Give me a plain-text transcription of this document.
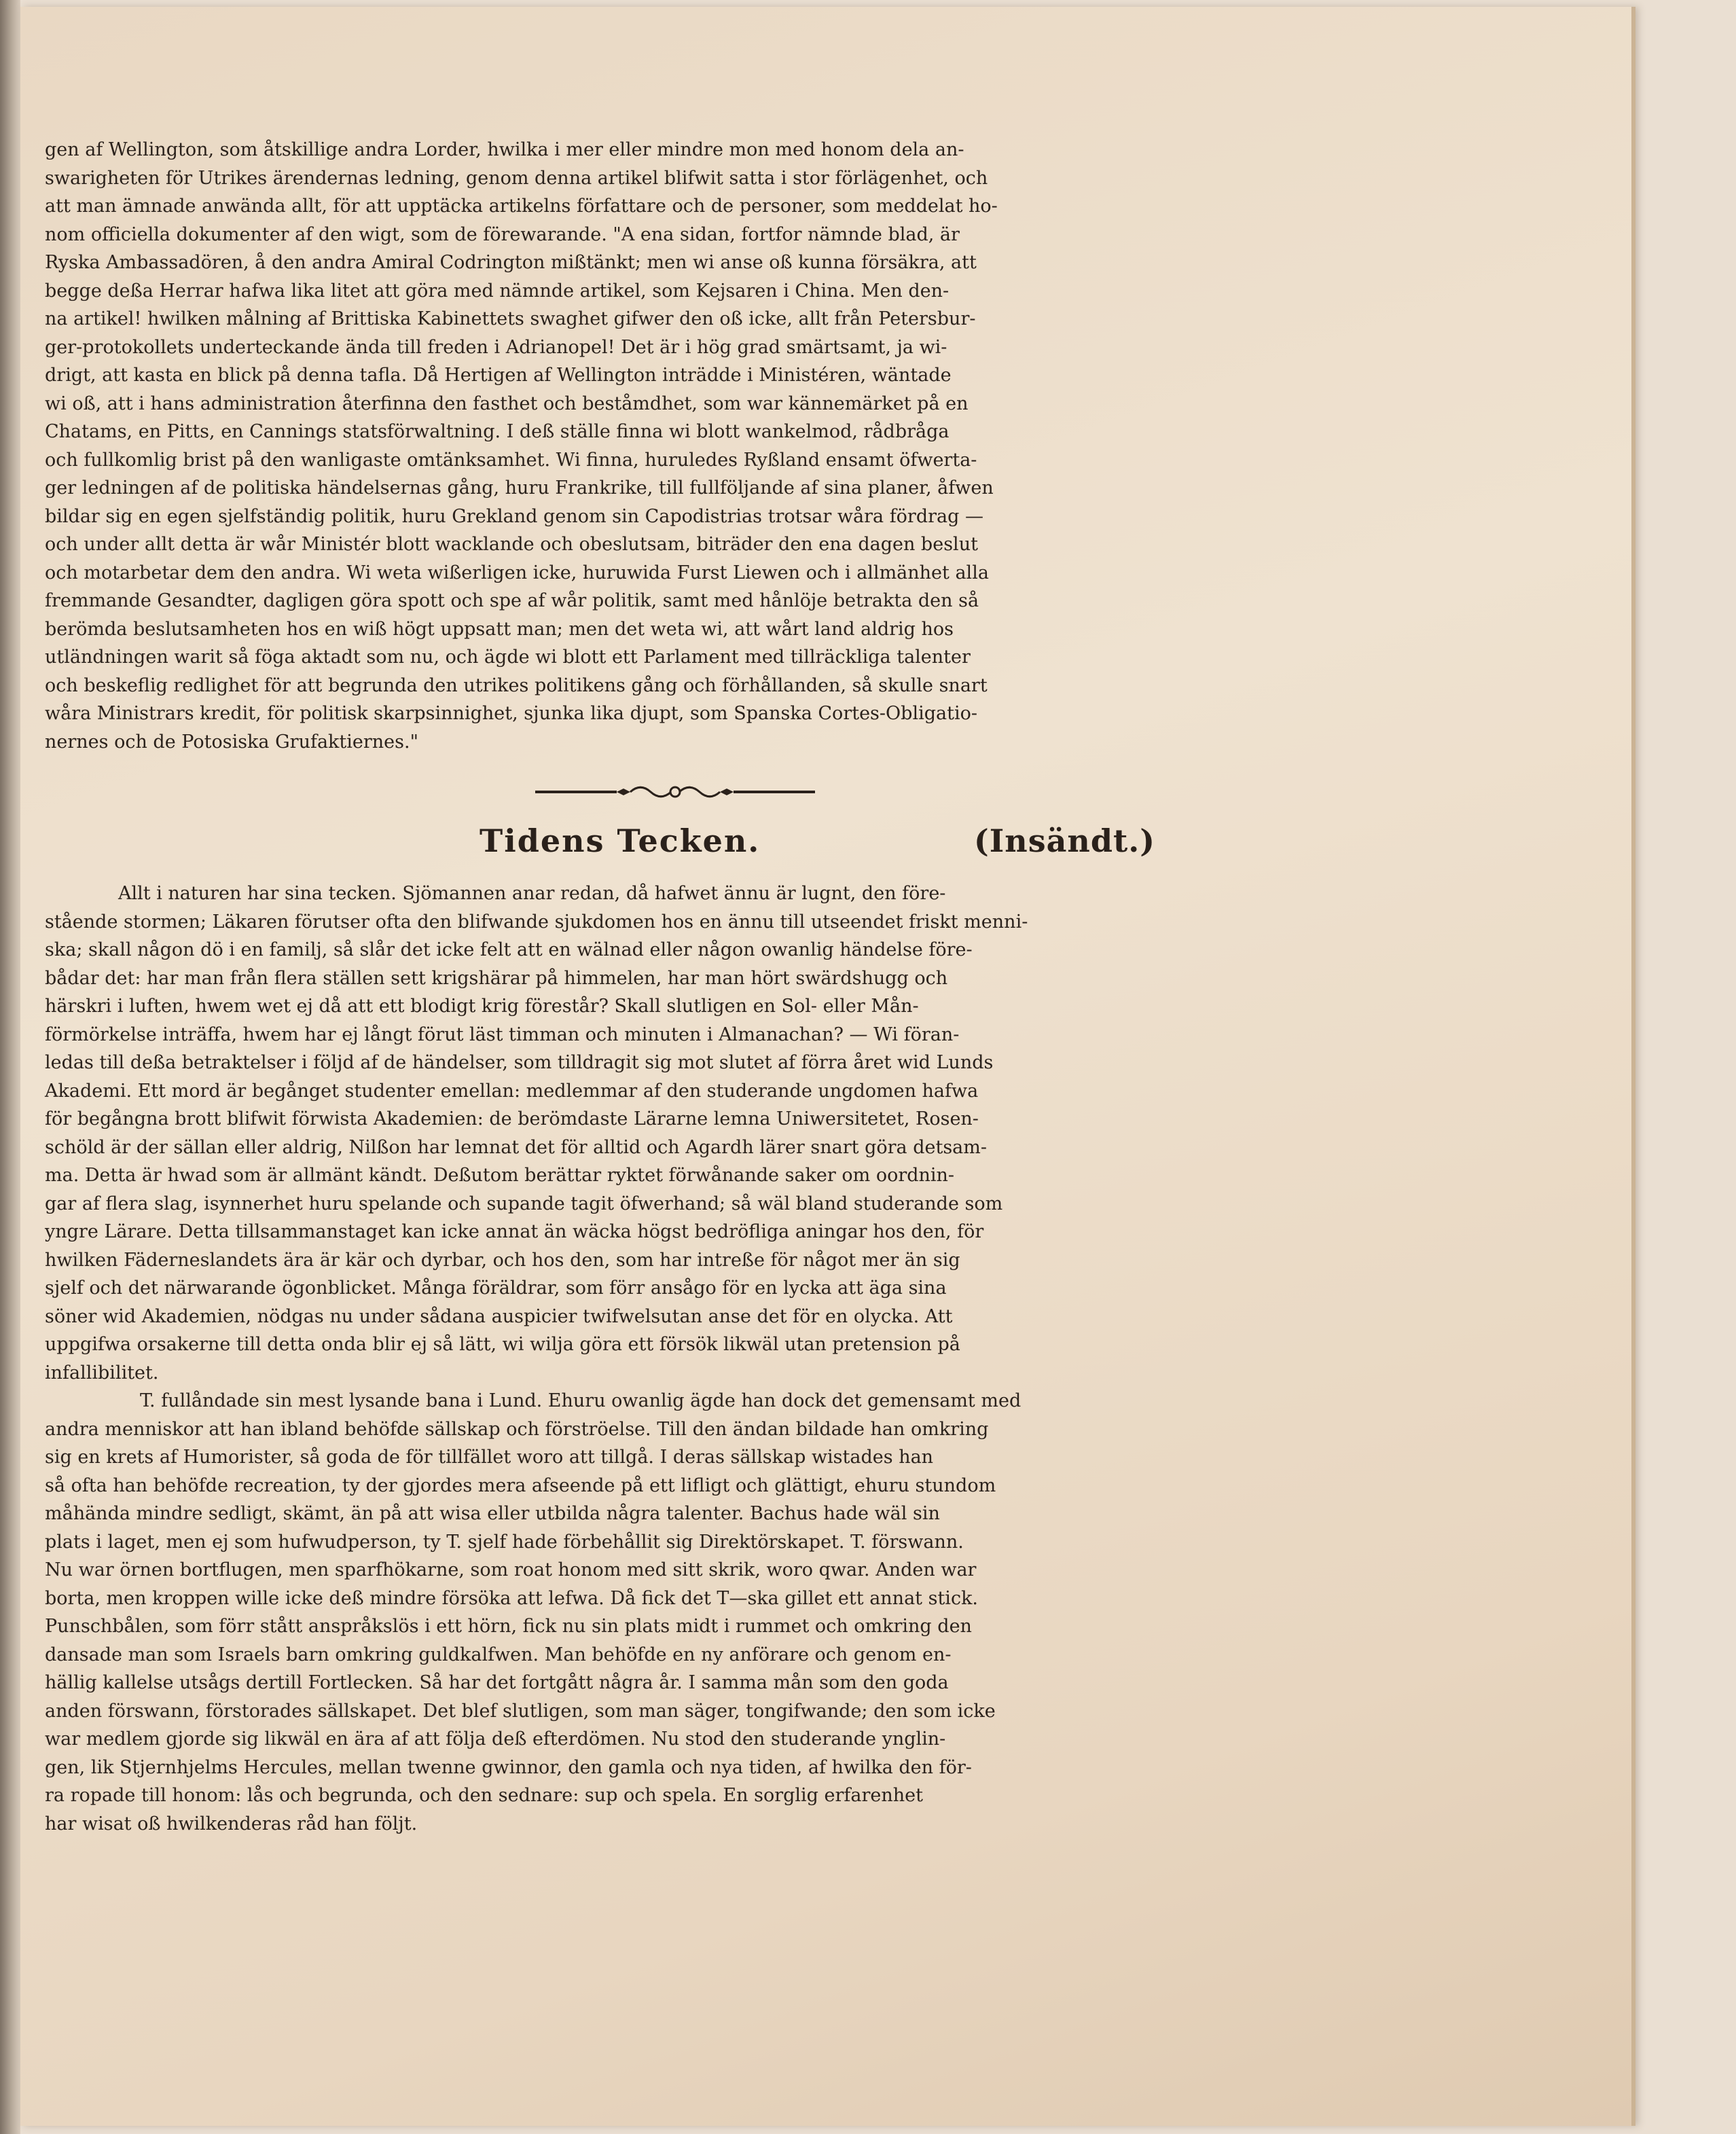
gen af Wellington, som åtskillige andra Lorder, hwilka i mer eller mindre mon med honom dela an-
swarigheten för Utrikes ärendernas ledning, genom denna artikel blifwit satta i stor förlägenhet, och
att man ämnade anwända allt, för att upptäcka artikelns författare och de personer, som meddelat ho-
nom officiella dokumenter af den wigt, som de förewarande. "A ena sidan, fortfor nämnde blad, är
Ryska Ambassadören, å den andra Amiral Codrington mißtänkt; men wi anse oß kunna försäkra, att
begge deßa Herrar hafwa lika litet att göra med nämnde artikel, som Kejsaren i China. Men den-
na artikel! hwilken målning af Brittiska Kabinettets swaghet gifwer den oß icke, allt från Petersbur-
ger-protokollets underteckande ända till freden i Adrianopel! Det är i hög grad smärtsamt, ja wi-
drigt, att kasta en blick på denna tafla. Då Hertigen af Wellington inträdde i Ministéren, wäntade
wi oß, att i hans administration återfinna den fasthet och beståmdhet, som war kännemärket på en
Chatams, en Pitts, en Cannings statsförwaltning. I deß ställe finna wi blott wankelmod, rådbråga
och fullkomlig brist på den wanligaste omtänksamhet. Wi finna, huruledes Ryßland ensamt öfwerta-
ger ledningen af de politiska händelsernas gång, huru Frankrike, till fullföljande af sina planer, åfwen
bildar sig en egen sjelfständig politik, huru Grekland genom sin Capodistrias trotsar wåra fördrag —
och under allt detta är wår Ministér blott wacklande och obeslutsam, biträder den ena dagen beslut
och motarbetar dem den andra. Wi weta wißerligen icke, huruwida Furst Liewen och i allmänhet alla
fremmande Gesandter, dagligen göra spott och spe af wår politik, samt med hånlöje betrakta den så
berömda beslutsamheten hos en wiß högt uppsatt man; men det weta wi, att wårt land aldrig hos
utländningen warit så föga aktadt som nu, och ägde wi blott ett Parlament med tillräckliga talenter
och beskeflig redlighet för att begrunda den utrikes politikens gång och förhållanden, så skulle snart
wåra Ministrars kredit, för politisk skarpsinnighet, sjunka lika djupt, som Spanska Cortes-Obligatio-
nernes och de Potosiska Grufaktiernes."

Tidens Tecken.	(Insändt.)

Allt i naturen har sina tecken. Sjömannen anar redan, då hafwet ännu är lugnt, den före-
stående stormen; Läkaren förutser ofta den blifwande sjukdomen hos en ännu till utseendet friskt menni-
ska; skall någon dö i en familj, så slår det icke felt att en wälnad eller någon owanlig händelse före-
bådar det: har man från flera ställen sett krigshärar på himmelen, har man hört swärdshugg och
härskri i luften, hwem wet ej då att ett blodigt krig förestår? Skall slutligen en Sol- eller Mån-
förmörkelse inträffa, hwem har ej långt förut läst timman och minuten i Almanachan? — Wi föran-
ledas till deßa betraktelser i följd af de händelser, som tilldragit sig mot slutet af förra året wid Lunds
Akademi. Ett mord är begånget studenter emellan: medlemmar af den studerande ungdomen hafwa
för begångna brott blifwit förwista Akademien: de berömdaste Lärarne lemna Uniwersitetet, Rosen-
schöld är der sällan eller aldrig, Nilßon har lemnat det för alltid och Agardh lärer snart göra detsam-
ma. Detta är hwad som är allmänt kändt. Deßutom berättar ryktet förwånande saker om oordnin-
gar af flera slag, isynnerhet huru spelande och supande tagit öfwerhand; så wäl bland studerande som
yngre Lärare. Detta tillsammanstaget kan icke annat än wäcka högst bedröfliga aningar hos den, för
hwilken Fäderneslandets ära är kär och dyrbar, och hos den, som har intreße för något mer än sig
sjelf och det närwarande ögonblicket. Många föräldrar, som förr ansågo för en lycka att äga sina
söner wid Akademien, nödgas nu under sådana auspicier twifwelsutan anse det för en olycka. Att
uppgifwa orsakerne till detta onda blir ej så lätt, wi wilja göra ett försök likwäl utan pretension på
infallibilitet.

T. fullåndade sin mest lysande bana i Lund. Ehuru owanlig ägde han dock det gemensamt med
andra menniskor att han ibland behöfde sällskap och förströelse. Till den ändan bildade han omkring
sig en krets af Humorister, så goda de för tillfället woro att tillgå. I deras sällskap wistades han
så ofta han behöfde recreation, ty der gjordes mera afseende på ett lifligt och glättigt, ehuru stundom
måhända mindre sedligt, skämt, än på att wisa eller utbilda några talenter. Bachus hade wäl sin
plats i laget, men ej som hufwudperson, ty T. sjelf hade förbehållit sig Direktörskapet. T. förswann.
Nu war örnen bortflugen, men sparfhökarne, som roat honom med sitt skrik, woro qwar. Anden war
borta, men kroppen wille icke deß mindre försöka att lefwa. Då fick det T—ska gillet ett annat stick.
Punschbålen, som förr stått anspråkslös i ett hörn, fick nu sin plats midt i rummet och omkring den
dansade man som Israels barn omkring guldkalfwen. Man behöfde en ny anförare och genom en-
hällig kallelse utsågs dertill Fortlecken. Så har det fortgått några år. I samma mån som den goda
anden förswann, förstorades sällskapet. Det blef slutligen, som man säger, tongifwande; den som icke
war medlem gjorde sig likwäl en ära af att följa deß efterdömen. Nu stod den studerande ynglin-
gen, lik Stjernhjelms Hercules, mellan twenne gwinnor, den gamla och nya tiden, af hwilka den för-
ra ropade till honom: lås och begrunda, och den sednare: sup och spela. En sorglig erfarenhet
har wisat oß hwilkenderas råd han följt.
